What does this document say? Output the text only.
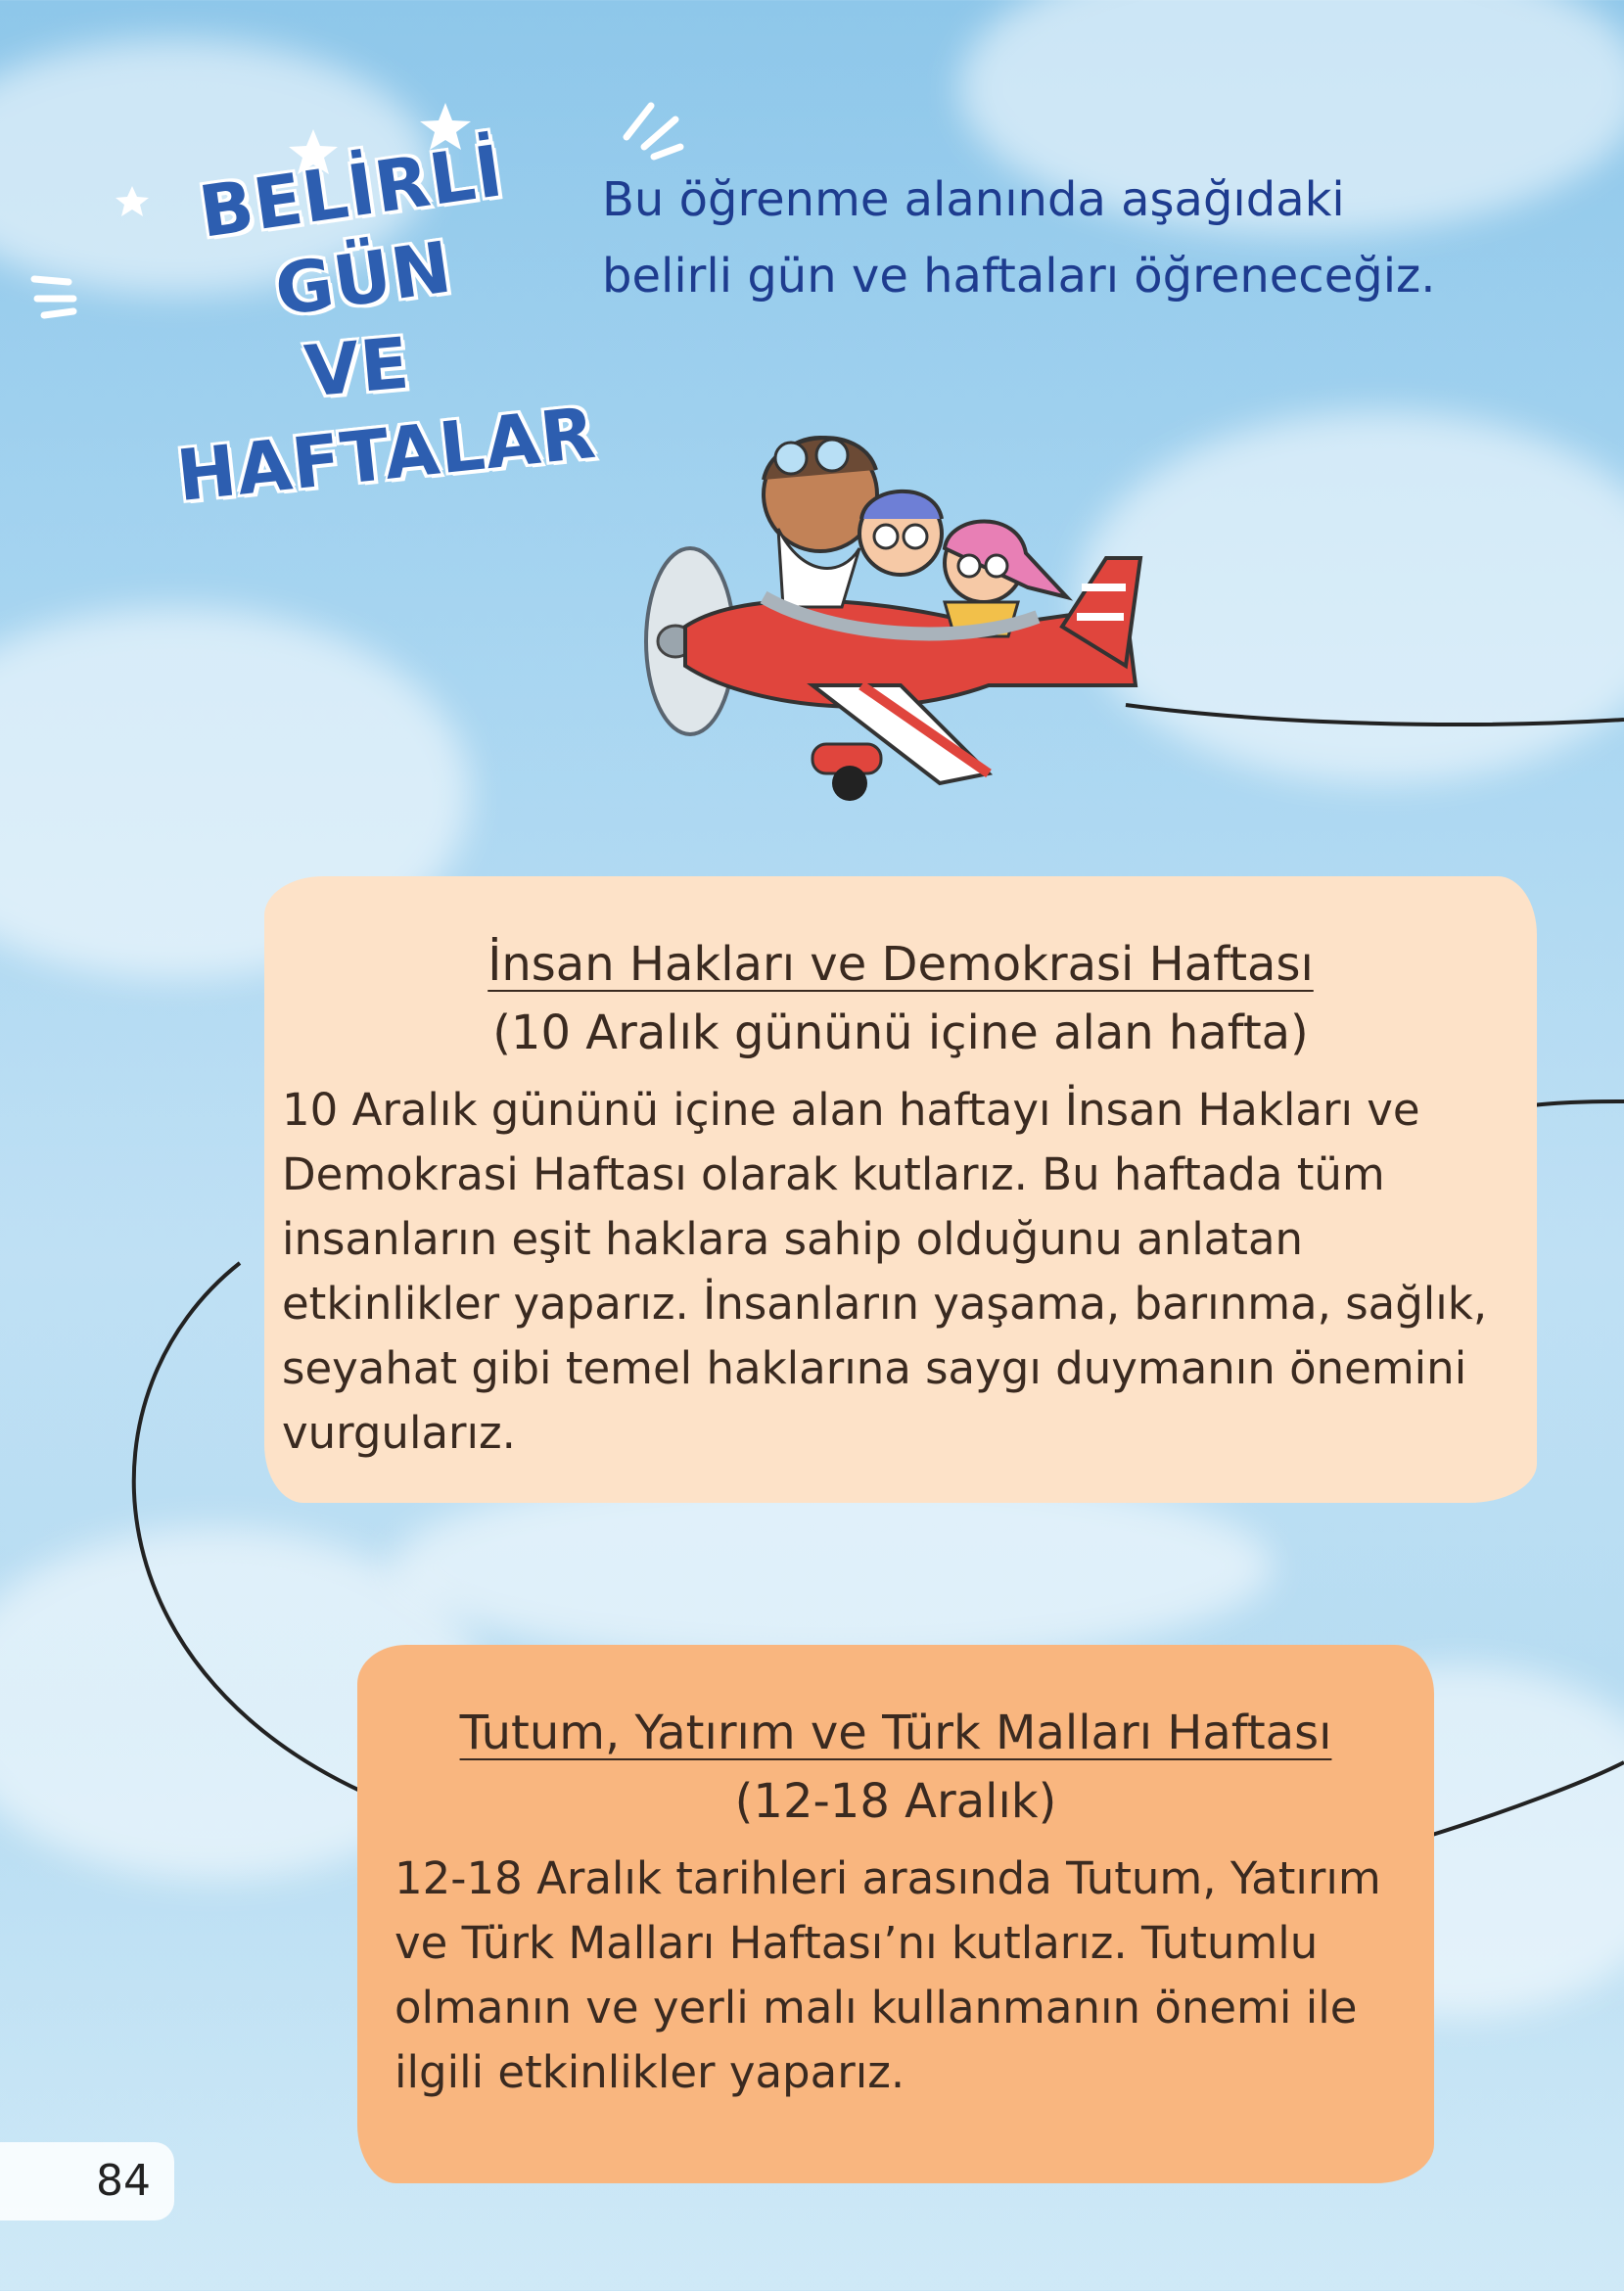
BELİRLİ GÜN
VE
HAFTALAR
Bu öğrenme alanında aşağıdaki belirli gün ve haftaları öğreneceğiz.
İnsan Hakları ve Demokrasi Haftası
(10 Aralık gününü içine alan hafta)

10 Aralık gününü içine alan haftayı İnsan Hakları ve Demokrasi Haftası olarak kutlarız. Bu haftada tüm insanların eşit haklara sahip olduğunu anlatan etkinlikler yaparız. İnsanların yaşama, barınma, sağlık, seyahat gibi temel haklarına saygı duymanın önemini vurgularız.

Tutum, Yatırım ve Türk Malları Haftası
(12-18 Aralık)

12-18 Aralık tarihleri arasında Tutum, Yatırım ve Türk Malları Haftası’nı kutlarız. Tutumlu olmanın ve yerli malı kullanmanın önemi ile ilgili etkinlikler yaparız.

84
